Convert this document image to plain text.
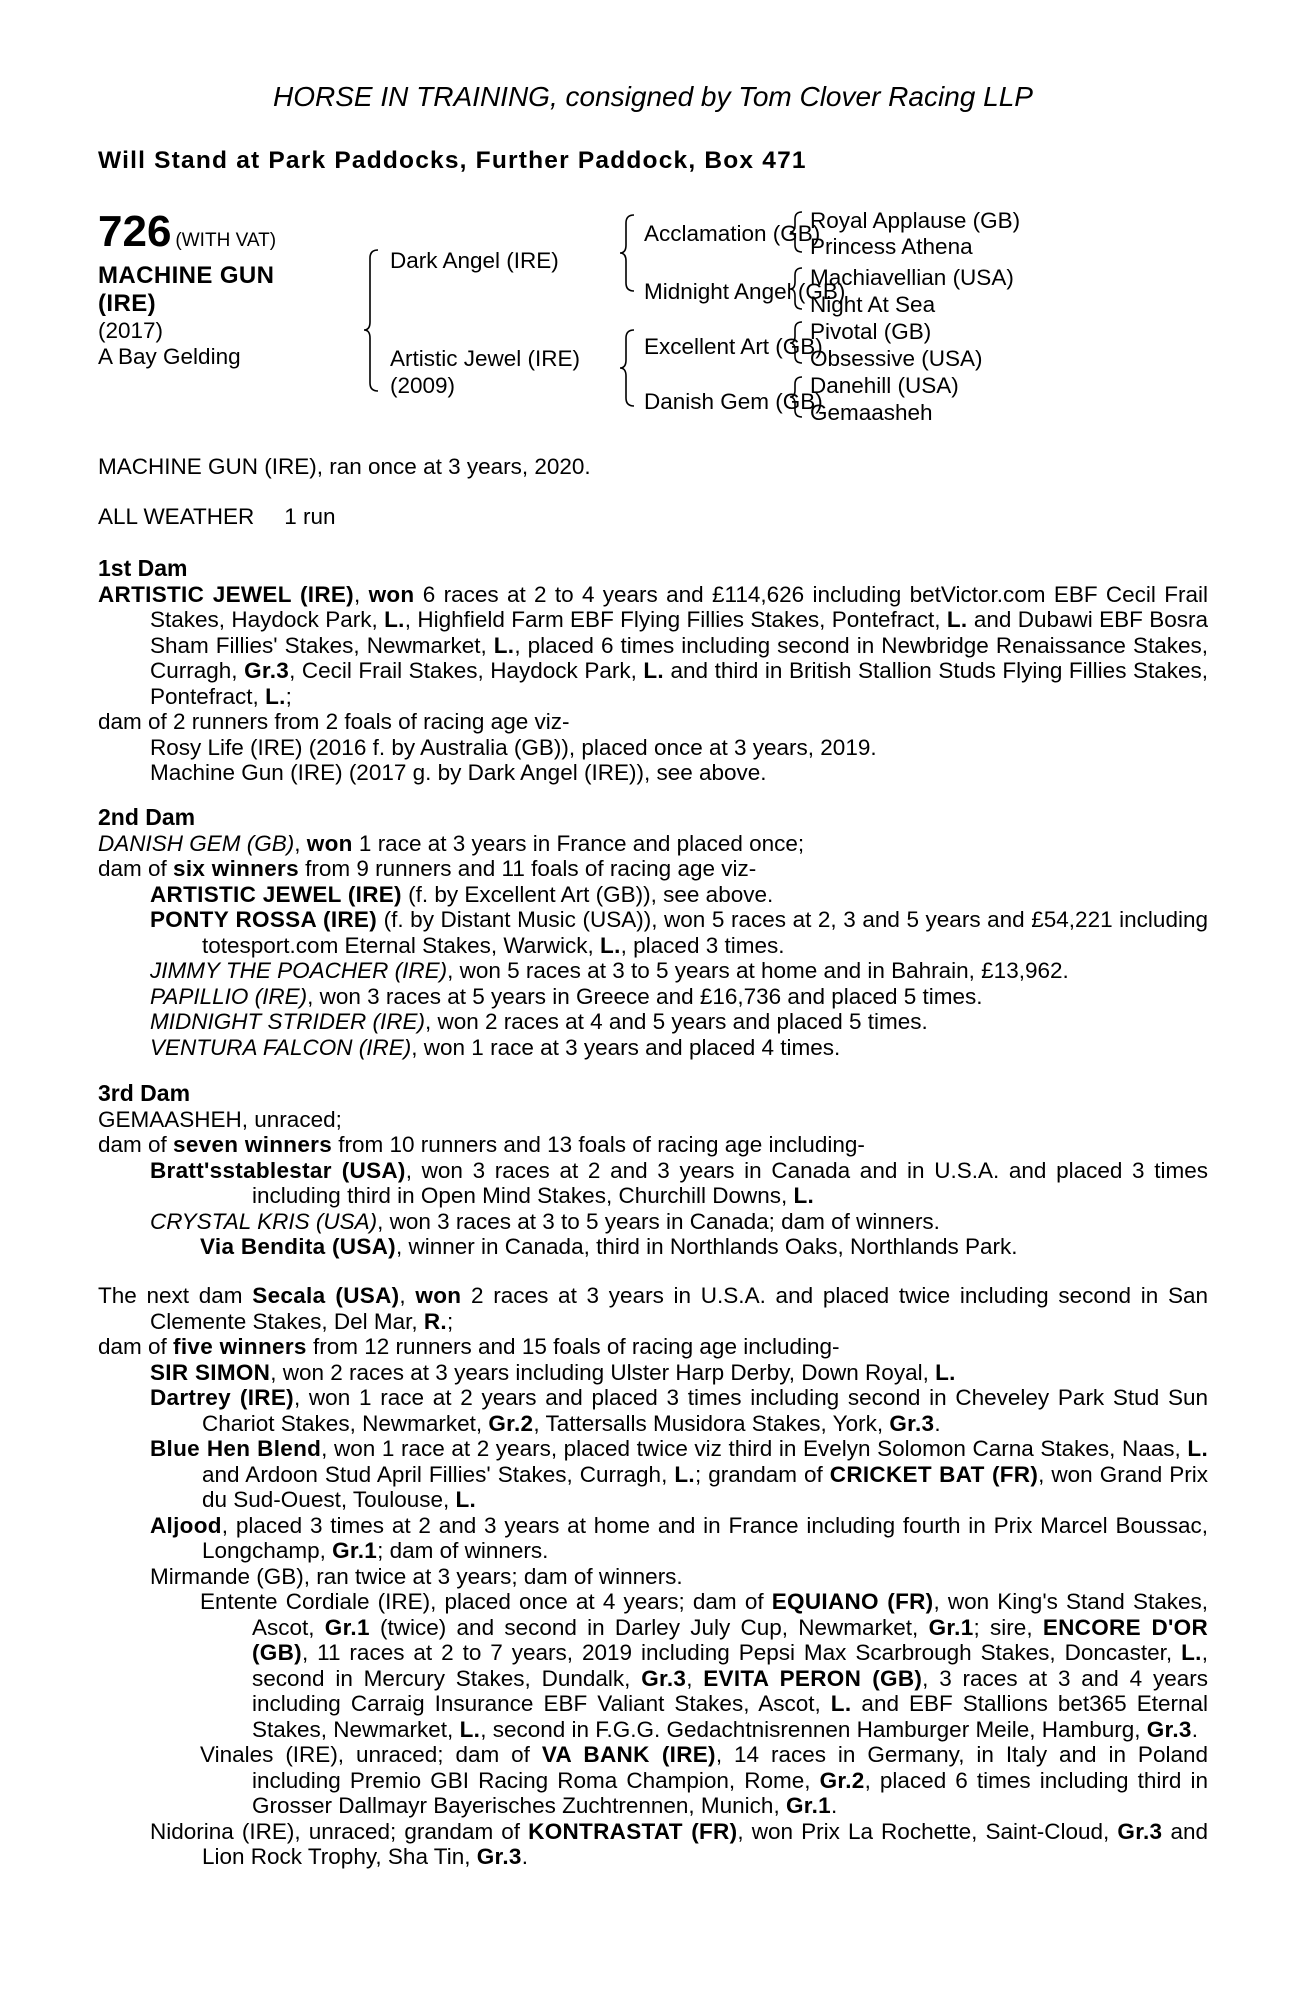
HORSE IN TRAINING, consigned by Tom Clover Racing LLP
Will Stand at Park Paddocks, Further Paddock, Box 471
726 (WITH VAT)
MACHINE GUN
(IRE)
(2017)
A Bay Gelding
Dark Angel (IRE)
Artistic Jewel (IRE)
(2009)
Acclamation (GB)
Midnight Angel (GB)
Excellent Art (GB)
Danish Gem (GB)
Royal Applause (GB)
Princess Athena
Machiavellian (USA)
Night At Sea
Pivotal (GB)
Obsessive (USA)
Danehill (USA)
Gemaasheh

MACHINE GUN (IRE), ran once at 3 years, 2020.

ALL WEATHER 1 run
1st Dam

ARTISTIC JEWEL (IRE), won 6 races at 2 to 4 years and £114,626 including betVictor.com EBF Cecil Frail Stakes, Haydock Park, L., Highfield Farm EBF Flying Fillies Stakes, Pontefract, L. and Dubawi EBF Bosra Sham Fillies' Stakes, Newmarket, L., placed 6 times including second in Newbridge Renaissance Stakes, Curragh, Gr.3, Cecil Frail Stakes, Haydock Park, L. and third in British Stallion Studs Flying Fillies Stakes, Pontefract, L.;

dam of 2 runners from 2 foals of racing age viz-

Rosy Life (IRE) (2016 f. by Australia (GB)), placed once at 3 years, 2019.

Machine Gun (IRE) (2017 g. by Dark Angel (IRE)), see above.

2nd Dam

DANISH GEM (GB), won 1 race at 3 years in France and placed once;

dam of six winners from 9 runners and 11 foals of racing age viz-

ARTISTIC JEWEL (IRE) (f. by Excellent Art (GB)), see above.

PONTY ROSSA (IRE) (f. by Distant Music (USA)), won 5 races at 2, 3 and 5 years and £54,221 including totesport.com Eternal Stakes, Warwick, L., placed 3 times.

JIMMY THE POACHER (IRE), won 5 races at 3 to 5 years at home and in Bahrain, £13,962.

PAPILLIO (IRE), won 3 races at 5 years in Greece and £16,736 and placed 5 times.

MIDNIGHT STRIDER (IRE), won 2 races at 4 and 5 years and placed 5 times.

VENTURA FALCON (IRE), won 1 race at 3 years and placed 4 times.

3rd Dam

GEMAASHEH, unraced;

dam of seven winners from 10 runners and 13 foals of racing age including-

Bratt'sstablestar (USA), won 3 races at 2 and 3 years in Canada and in U.S.A. and placed 3 times including third in Open Mind Stakes, Churchill Downs, L.

CRYSTAL KRIS (USA), won 3 races at 3 to 5 years in Canada; dam of winners.

Via Bendita (USA), winner in Canada, third in Northlands Oaks, Northlands Park.

The next dam Secala (USA), won 2 races at 3 years in U.S.A. and placed twice including second in San Clemente Stakes, Del Mar, R.;

dam of five winners from 12 runners and 15 foals of racing age including-

SIR SIMON, won 2 races at 3 years including Ulster Harp Derby, Down Royal, L.

Dartrey (IRE), won 1 race at 2 years and placed 3 times including second in Cheveley Park Stud Sun Chariot Stakes, Newmarket, Gr.2, Tattersalls Musidora Stakes, York, Gr.3.

Blue Hen Blend, won 1 race at 2 years, placed twice viz third in Evelyn Solomon Carna Stakes, Naas, L. and Ardoon Stud April Fillies' Stakes, Curragh, L.; grandam of CRICKET BAT (FR), won Grand Prix du Sud-Ouest, Toulouse, L.

Aljood, placed 3 times at 2 and 3 years at home and in France including fourth in Prix Marcel Boussac, Longchamp, Gr.1; dam of winners.

Mirmande (GB), ran twice at 3 years; dam of winners.

Entente Cordiale (IRE), placed once at 4 years; dam of EQUIANO (FR), won King's Stand Stakes, Ascot, Gr.1 (twice) and second in Darley July Cup, Newmarket, Gr.1; sire, ENCORE D'OR (GB), 11 races at 2 to 7 years, 2019 including Pepsi Max Scarbrough Stakes, Doncaster, L., second in Mercury Stakes, Dundalk, Gr.3, EVITA PERON (GB), 3 races at 3 and 4 years including Carraig Insurance EBF Valiant Stakes, Ascot, L. and EBF Stallions bet365 Eternal Stakes, Newmarket, L., second in F.G.G. Gedachtnisrennen Hamburger Meile, Hamburg, Gr.3.

Vinales (IRE), unraced; dam of VA BANK (IRE), 14 races in Germany, in Italy and in Poland including Premio GBI Racing Roma Champion, Rome, Gr.2, placed 6 times including third in Grosser Dallmayr Bayerisches Zuchtrennen, Munich, Gr.1.

Nidorina (IRE), unraced; grandam of KONTRASTAT (FR), won Prix La Rochette, Saint-Cloud, Gr.3 and Lion Rock Trophy, Sha Tin, Gr.3.
